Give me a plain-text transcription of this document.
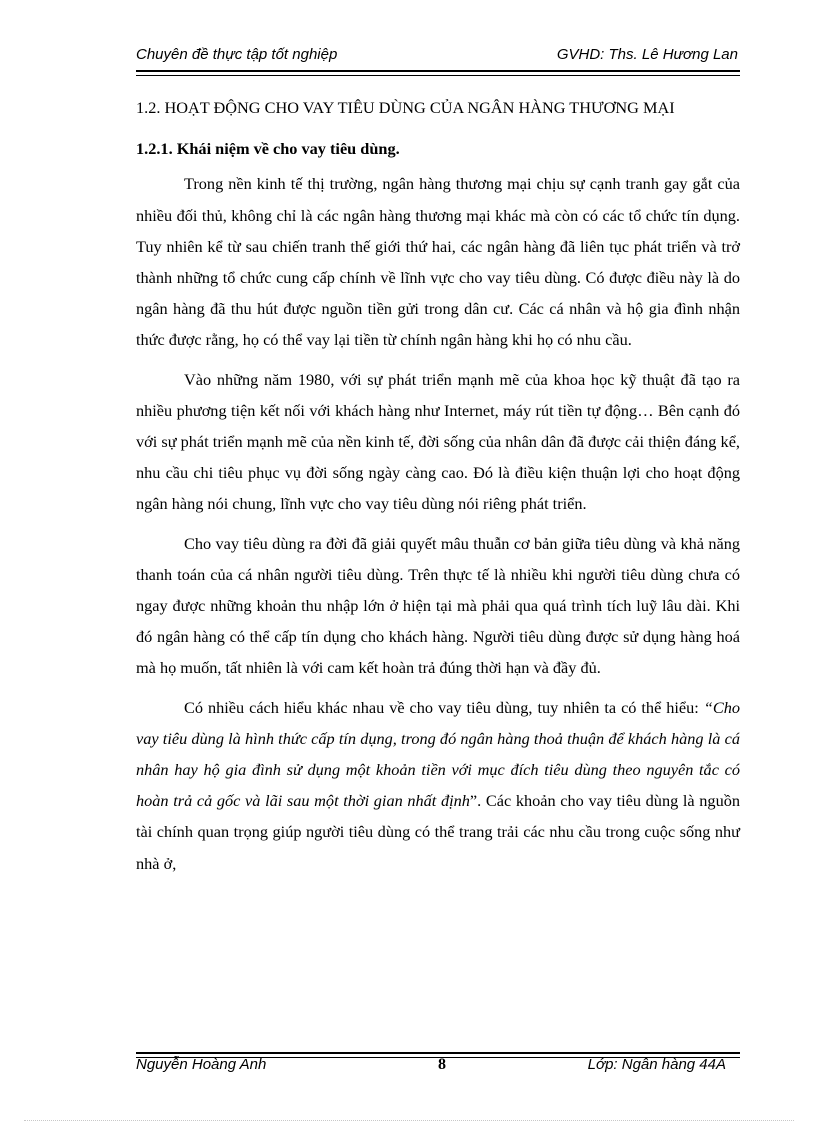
Chuyên đề thực tập tốt nghiệp	GVHD: Ths. Lê Hương Lan

1.2. HOẠT ĐỘNG CHO VAY TIÊU DÙNG CỦA NGÂN HÀNG THƯƠNG MẠI

1.2.1. Khái niệm về cho vay tiêu dùng.

Trong nền kinh tế thị trường, ngân hàng thương mại chịu sự cạnh tranh gay gắt của nhiều đối thủ, không chỉ là các ngân hàng thương mại khác mà còn có các tổ chức tín dụng. Tuy nhiên kể từ sau chiến tranh thế giới thứ hai, các ngân hàng đã liên tục phát triển và trở thành những tổ chức cung cấp chính về lĩnh vực cho vay tiêu dùng. Có được điều này là do ngân hàng đã thu hút được nguồn tiền gửi trong dân cư. Các cá nhân và hộ gia đình nhận thức được rằng, họ có thể vay lại tiền từ chính ngân hàng khi họ có nhu cầu.

Vào những năm 1980, với sự phát triển mạnh mẽ của khoa học kỹ thuật đã tạo ra nhiều phương tiện kết nối với khách hàng như Internet, máy rút tiền tự động… Bên cạnh đó với sự phát triển mạnh mẽ của nền kinh tế, đời sống của nhân dân đã được cải thiện đáng kể, nhu cầu chi tiêu phục vụ đời sống ngày càng cao. Đó là điều kiện thuận lợi cho hoạt động ngân hàng nói chung, lĩnh vực cho vay tiêu dùng nói riêng phát triển.

Cho vay tiêu dùng ra đời đã giải quyết mâu thuẫn cơ bản giữa tiêu dùng và khả năng thanh toán của cá nhân người tiêu dùng. Trên thực tế là nhiều khi người tiêu dùng chưa có ngay được những khoản thu nhập lớn ở hiện tại mà phải qua quá trình tích luỹ lâu dài. Khi đó ngân hàng có thể cấp tín dụng cho khách hàng. Người tiêu dùng được sử dụng hàng hoá mà họ muốn, tất nhiên là với cam kết hoàn trả đúng thời hạn và đầy đủ.

Có nhiều cách hiểu khác nhau về cho vay tiêu dùng, tuy nhiên ta có thể hiểu: “Cho vay tiêu dùng là hình thức cấp tín dụng, trong đó ngân hàng thoả thuận để khách hàng là cá nhân hay hộ gia đình sử dụng một khoản tiền với mục đích tiêu dùng theo nguyên tắc có hoàn trả cả gốc và lãi sau một thời gian nhất định”. Các khoản cho vay tiêu dùng là nguồn tài chính quan trọng giúp người tiêu dùng có thể trang trải các nhu cầu trong cuộc sống như nhà ở,

Nguyễn Hoàng Anh	8	Lớp: Ngân hàng 44A
